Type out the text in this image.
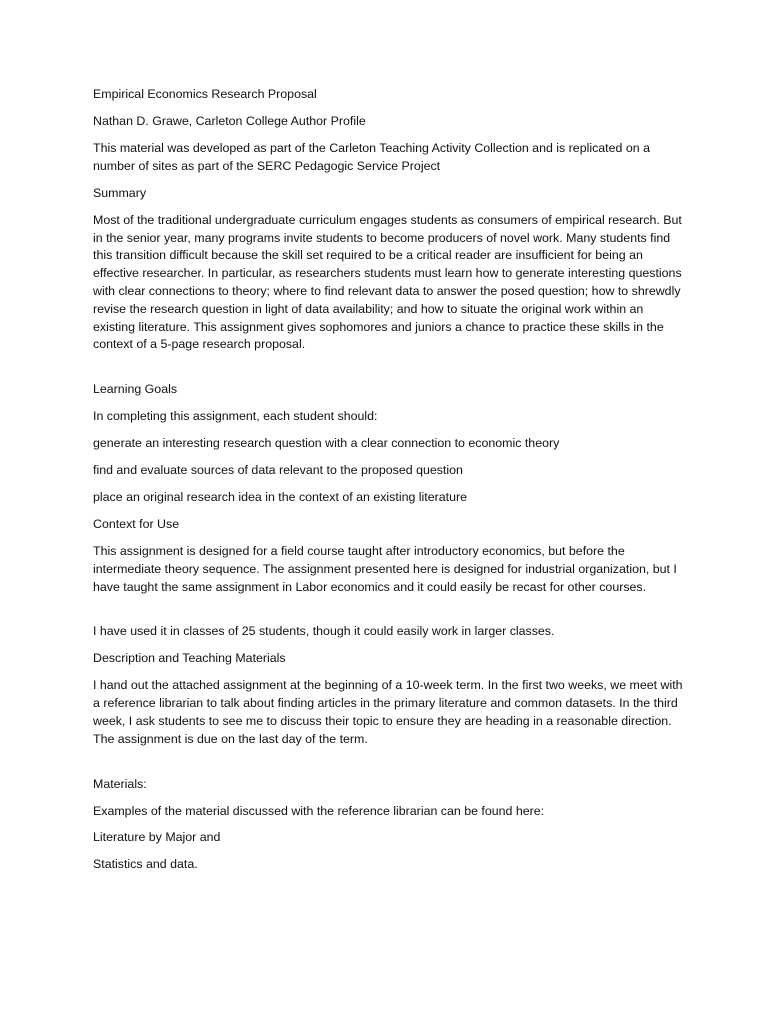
Empirical Economics Research Proposal

Nathan D. Grawe, Carleton College Author Profile

This material was developed as part of the Carleton Teaching Activity Collection and is replicated on a number of sites as part of the SERC Pedagogic Service Project

Summary

Most of the traditional undergraduate curriculum engages students as consumers of empirical research. But in the senior year, many programs invite students to become producers of novel work. Many students find this transition difficult because the skill set required to be a critical reader are insufficient for being an effective researcher. In particular, as researchers students must learn how to generate interesting questions with clear connections to theory; where to find relevant data to answer the posed question; how to shrewdly revise the research question in light of data availability; and how to situate the original work within an existing literature. This assignment gives sophomores and juniors a chance to practice these skills in the context of a 5-page research proposal.

Learning Goals

In completing this assignment, each student should:

generate an interesting research question with a clear connection to economic theory

find and evaluate sources of data relevant to the proposed question

place an original research idea in the context of an existing literature

Context for Use

This assignment is designed for a field course taught after introductory economics, but before the intermediate theory sequence. The assignment presented here is designed for industrial organization, but I have taught the same assignment in Labor economics and it could easily be recast for other courses.

I have used it in classes of 25 students, though it could easily work in larger classes.

Description and Teaching Materials

I hand out the attached assignment at the beginning of a 10-week term. In the first two weeks, we meet with a reference librarian to talk about finding articles in the primary literature and common datasets. In the third week, I ask students to see me to discuss their topic to ensure they are heading in a reasonable direction. The assignment is due on the last day of the term.

Materials:

Examples of the material discussed with the reference librarian can be found here:

Literature by Major and

Statistics and data.
